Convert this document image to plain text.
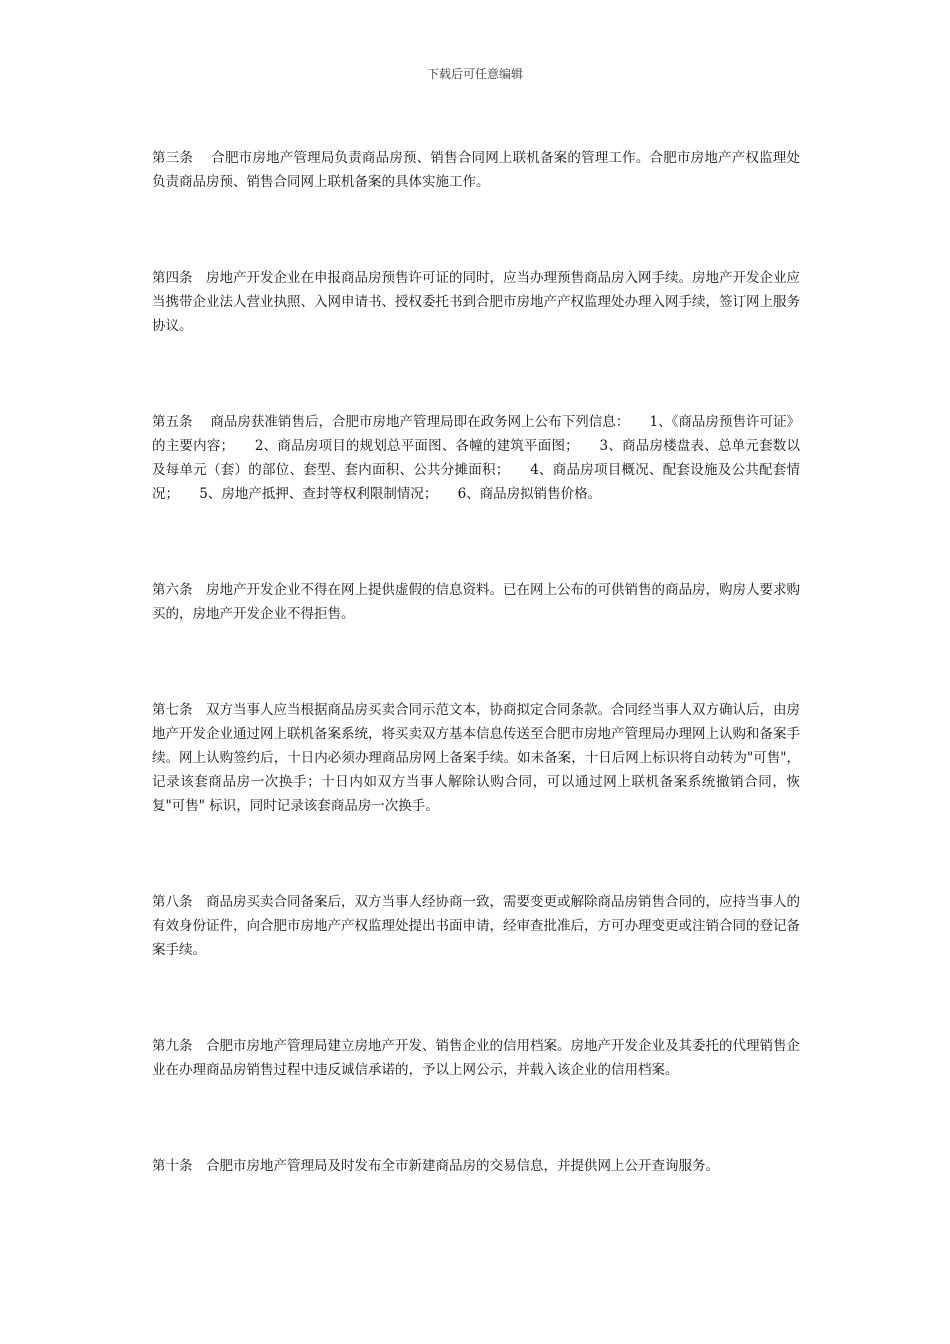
下载后可任意编辑

第三条　 合肥市房地产管理局负责商品房预、销售合同网上联机备案的管理工作。合肥市房地产产权监理处负责商品房预、销售合同网上联机备案的具体实施工作。

第四条　 房地产开发企业在申报商品房预售许可证的同时，应当办理预售商品房入网手续。房地产开发企业应当携带企业法人营业执照、入网申请书、授权委托书到合肥市房地产产权监理处办理入网手续，签订网上服务协议。

第五条　 商品房获准销售后，合肥市房地产管理局即在政务网上公布下列信息：　　1、《商品房预售许可证》的主要内容；　　2、商品房项目的规划总平面图、各幢的建筑平面图；　　3、商品房楼盘表、总单元套数以及每单元（套）的部位、套型、套内面积、公共分摊面积；　　4、商品房项目概况、配套设施及公共配套情况；　　5、房地产抵押、查封等权利限制情况；　　6、商品房拟销售价格。

第六条　 房地产开发企业不得在网上提供虚假的信息资料。已在网上公布的可供销售的商品房，购房人要求购买的，房地产开发企业不得拒售。

第七条　 双方当事人应当根据商品房买卖合同示范文本，协商拟定合同条款。合同经当事人双方确认后，由房地产开发企业通过网上联机备案系统，将买卖双方基本信息传送至合肥市房地产管理局办理网上认购和备案手续。网上认购签约后，十日内必须办理商品房网上备案手续。如未备案，十日后网上标识将自动转为"可售"，记录该套商品房一次换手；十日内如双方当事人解除认购合同，可以通过网上联机备案系统撤销合同，恢复"可售" 标识，同时记录该套商品房一次换手。

第八条　 商品房买卖合同备案后，双方当事人经协商一致，需要变更或解除商品房销售合同的，应持当事人的有效身份证件，向合肥市房地产产权监理处提出书面申请，经审查批准后，方可办理变更或注销合同的登记备案手续。

第九条　 合肥市房地产管理局建立房地产开发、销售企业的信用档案。房地产开发企业及其委托的代理销售企业在办理商品房销售过程中违反诚信承诺的，予以上网公示，并载入该企业的信用档案。

第十条　 合肥市房地产管理局及时发布全市新建商品房的交易信息，并提供网上公开查询服务。
